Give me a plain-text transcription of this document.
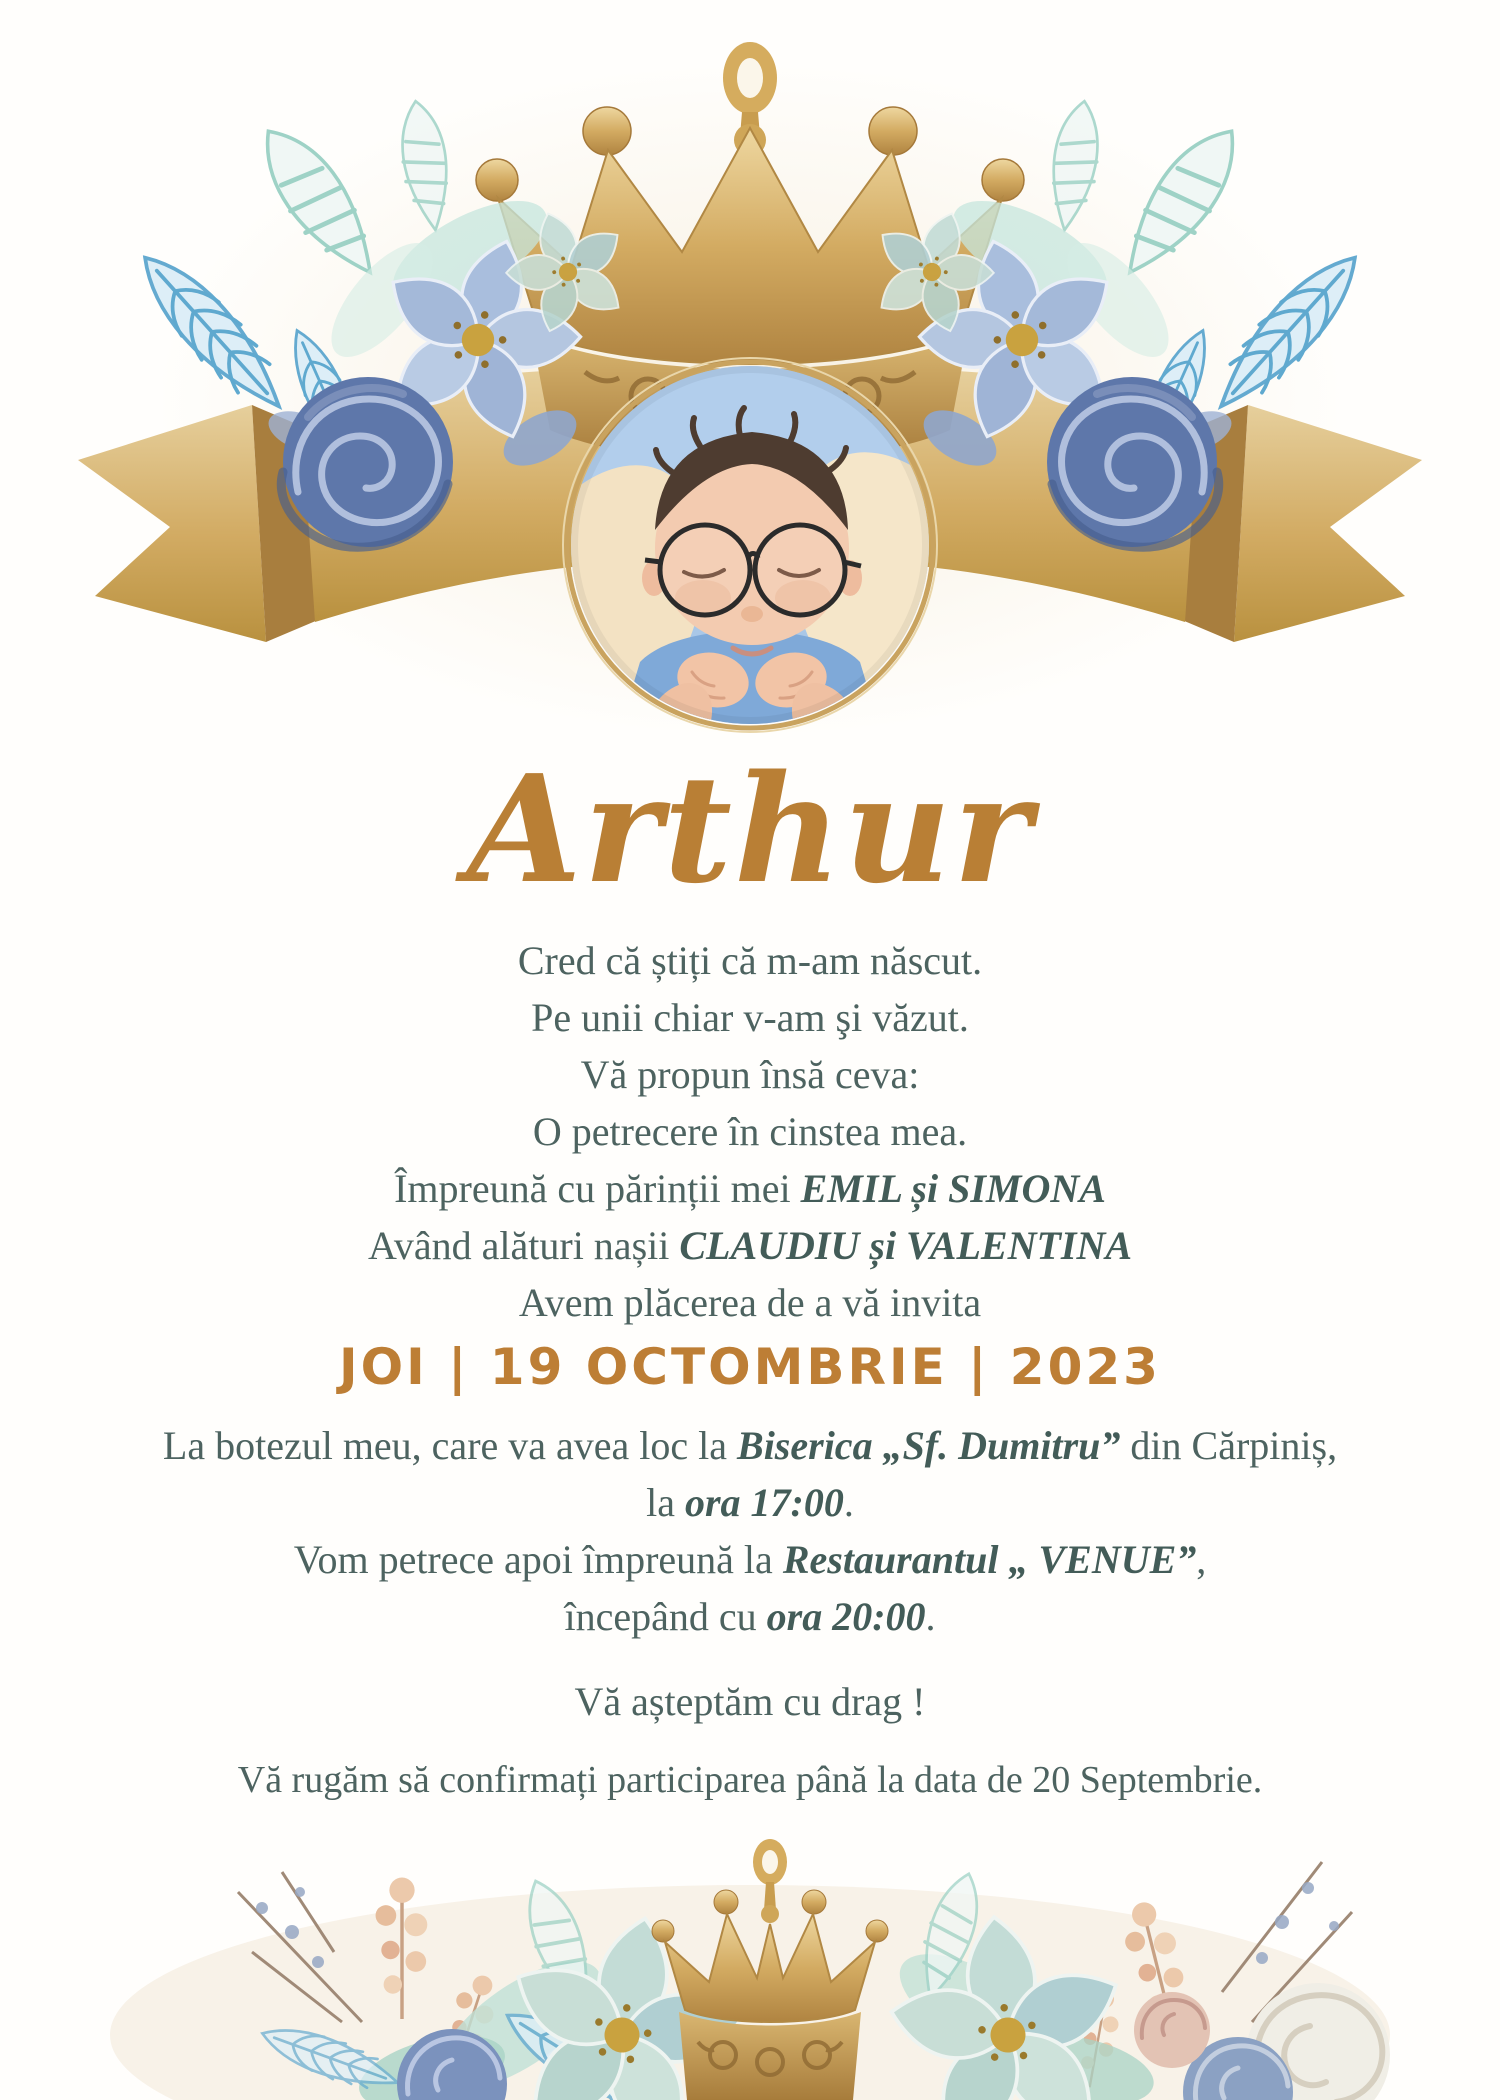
Arthur
Cred că știți că m-am născut.
Pe unii chiar v-am şi văzut.
Vă propun însă ceva:
O petrecere în cinstea mea.
Împreună cu părinții mei EMIL și SIMONA
Având alături nașii CLAUDIU și VALENTINA
Avem plăcerea de a vă invita
JOI | 19 OCTOMBRIE | 2023
La botezul meu, care va avea loc la Biserica „Sf. Dumitru” din Cărpiniș,
la ora 17:00.
Vom petrece apoi împreună la Restaurantul „ VENUE”,
începând cu ora 20:00.
Vă așteptăm cu drag !
Vă rugăm să confirmați participarea până la data de 20 Septembrie.
